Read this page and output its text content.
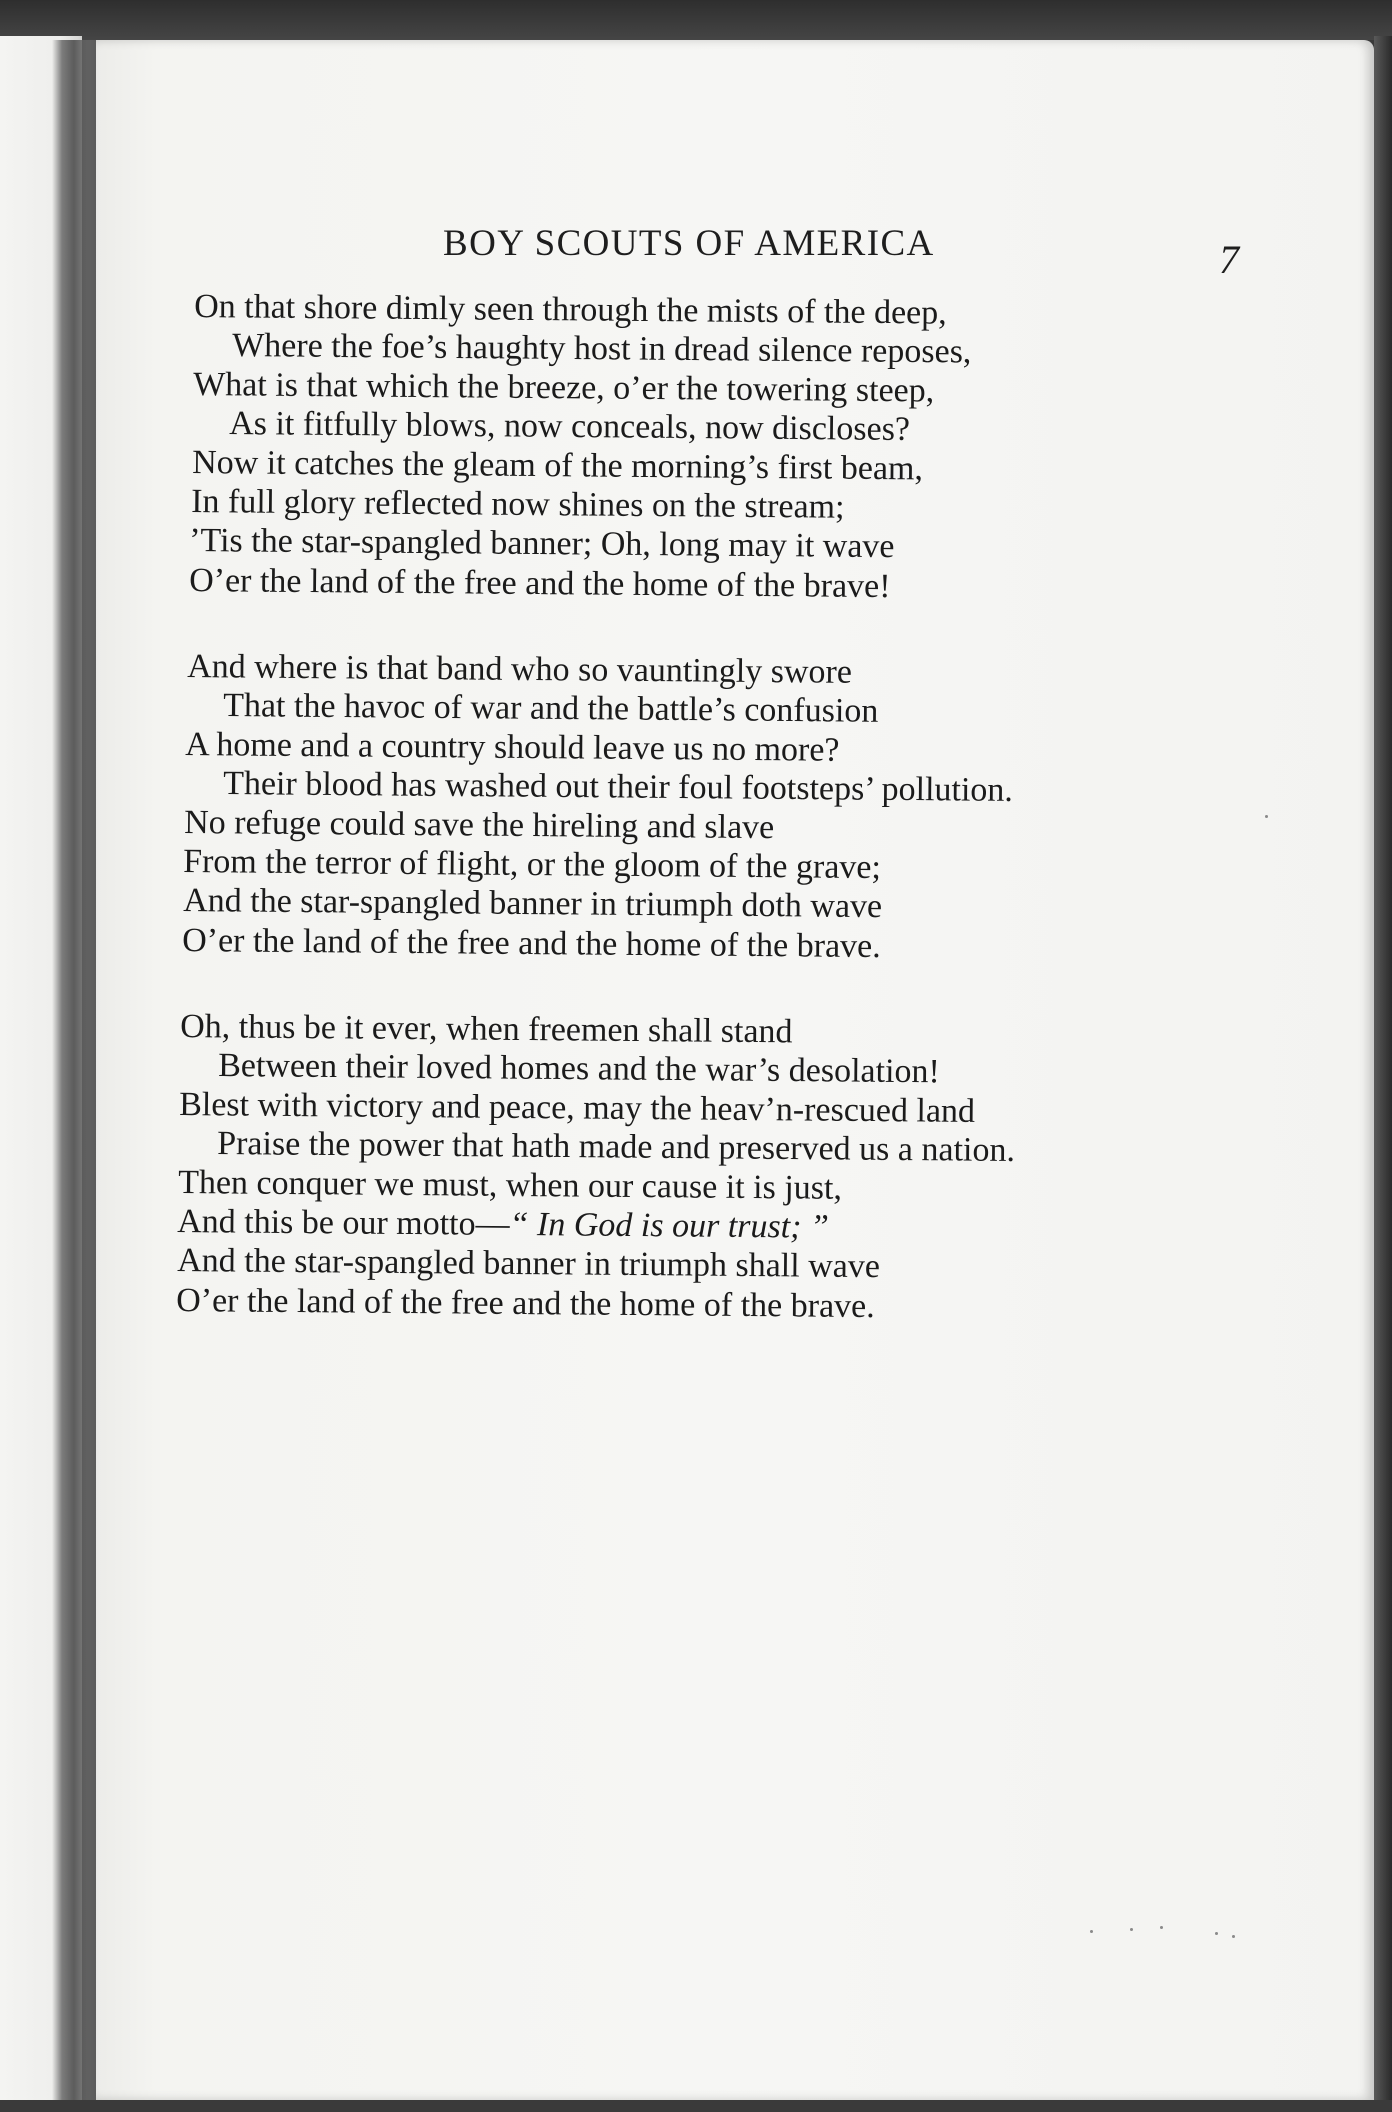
BOY SCOUTS OF AMERICA	7
On that shore dimly seen through the mists of the deep,
Where the foe’s haughty host in dread silence reposes,
What is that which the breeze, o’er the towering steep,
As it fitfully blows, now conceals, now discloses?
Now it catches the gleam of the morning’s first beam,
In full glory reflected now shines on the stream;
’Tis the star-spangled banner; Oh, long may it wave
O’er the land of the free and the home of the brave!
And where is that band who so vauntingly swore
That the havoc of war and the battle’s confusion
A home and a country should leave us no more?
Their blood has washed out their foul footsteps’ pollution.
No refuge could save the hireling and slave
From the terror of flight, or the gloom of the grave;
And the star-spangled banner in triumph doth wave
O’er the land of the free and the home of the brave.
Oh, thus be it ever, when freemen shall stand
Between their loved homes and the war’s desolation!
Blest with victory and peace, may the heav’n-rescued land
Praise the power that hath made and preserved us a nation.
Then conquer we must, when our cause it is just,
And this be our motto—“ In God is our trust; ”
And the star-spangled banner in triumph shall wave
O’er the land of the free and the home of the brave.
